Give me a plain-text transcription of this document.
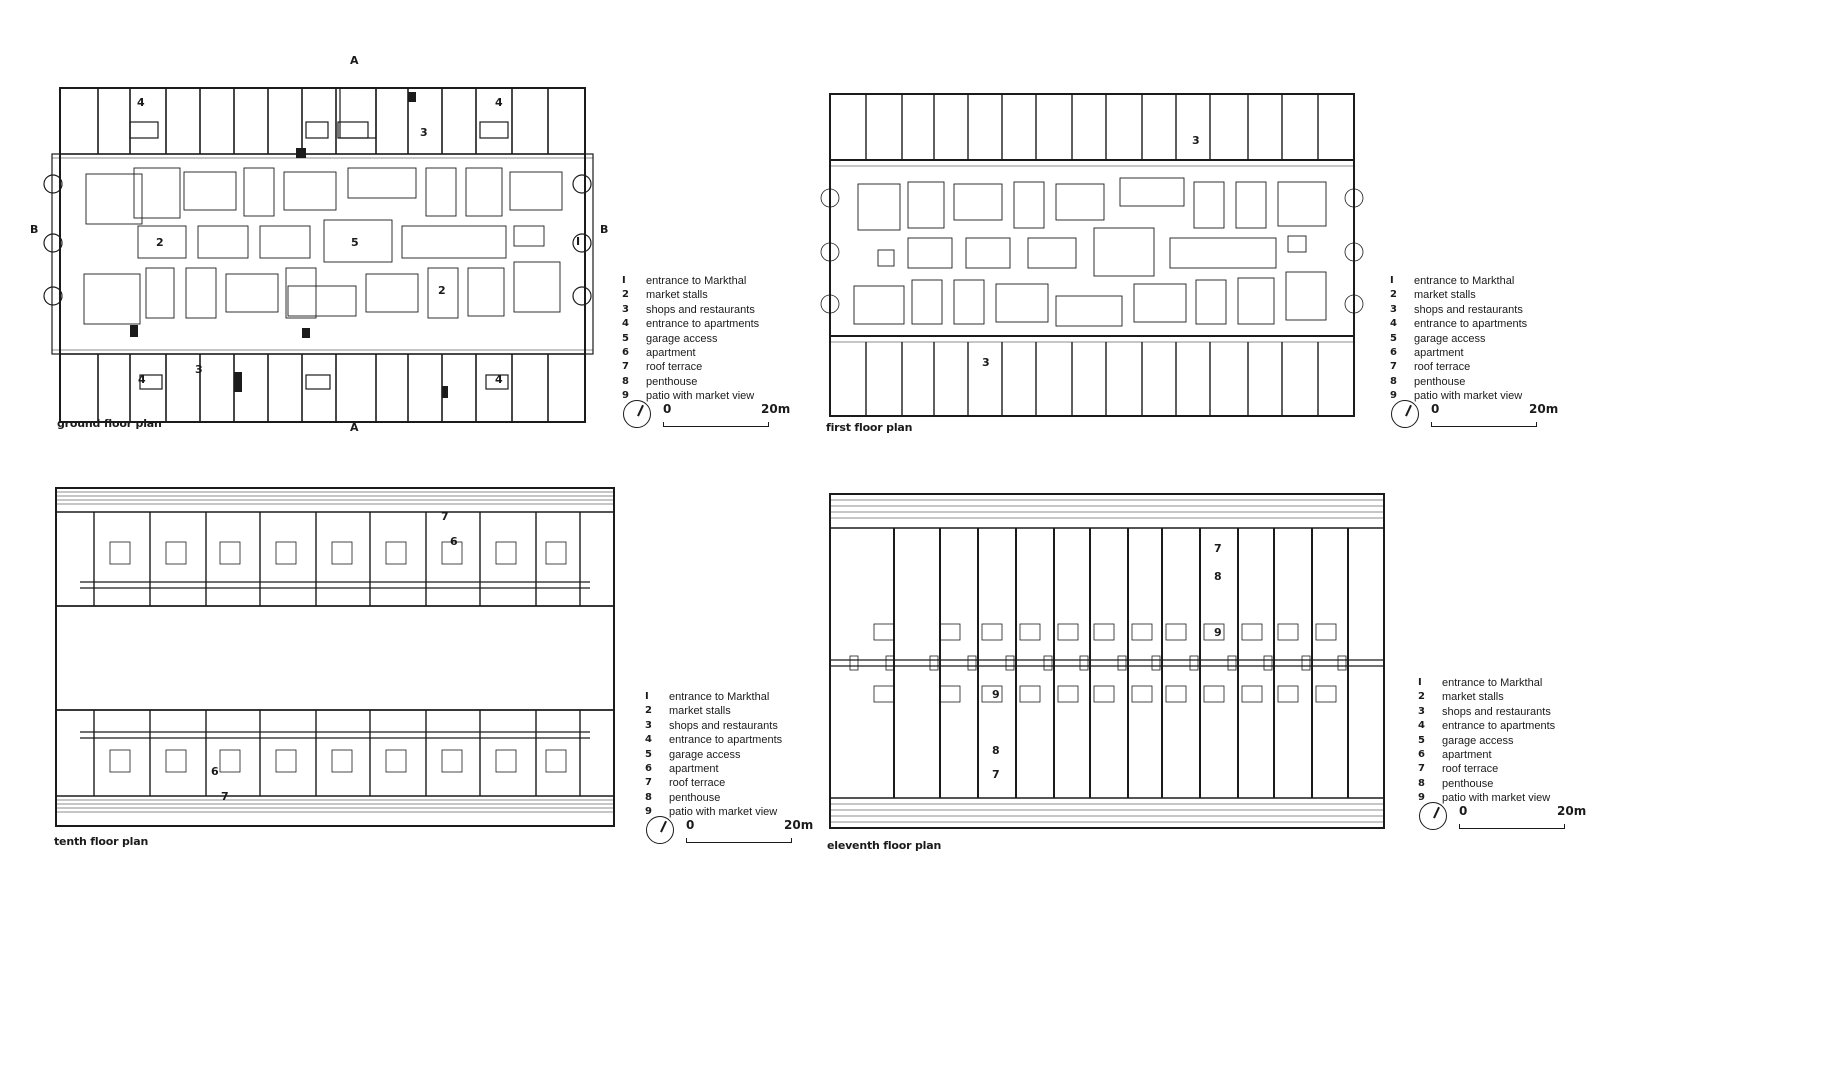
4	4
3
2	5
2
4
3
4
I
A
A
B	B
ground floor plan
3
3
first floor plan
7
6
6
7
tenth floor plan
7
8
9
9
8
7
eleventh floor plan
I	entrance to Markthal
2	market stalls
3	shops and restaurants
4	entrance to apartments
5	garage access
6	apartment
7	roof terrace
8	penthouse
9	patio with market view
I	entrance to Markthal
2	market stalls
3	shops and restaurants
4	entrance to apartments
5	garage access
6	apartment
7	roof terrace
8	penthouse
9	patio with market view
I	entrance to Markthal
2	market stalls
3	shops and restaurants
4	entrance to apartments
5	garage access
6	apartment
7	roof terrace
8	penthouse
9	patio with market view
I	entrance to Markthal
2	market stalls
3	shops and restaurants
4	entrance to apartments
5	garage access
6	apartment
7	roof terrace
8	penthouse
9	patio with market view
0	20m	0	20m
0	20m
0	20m
